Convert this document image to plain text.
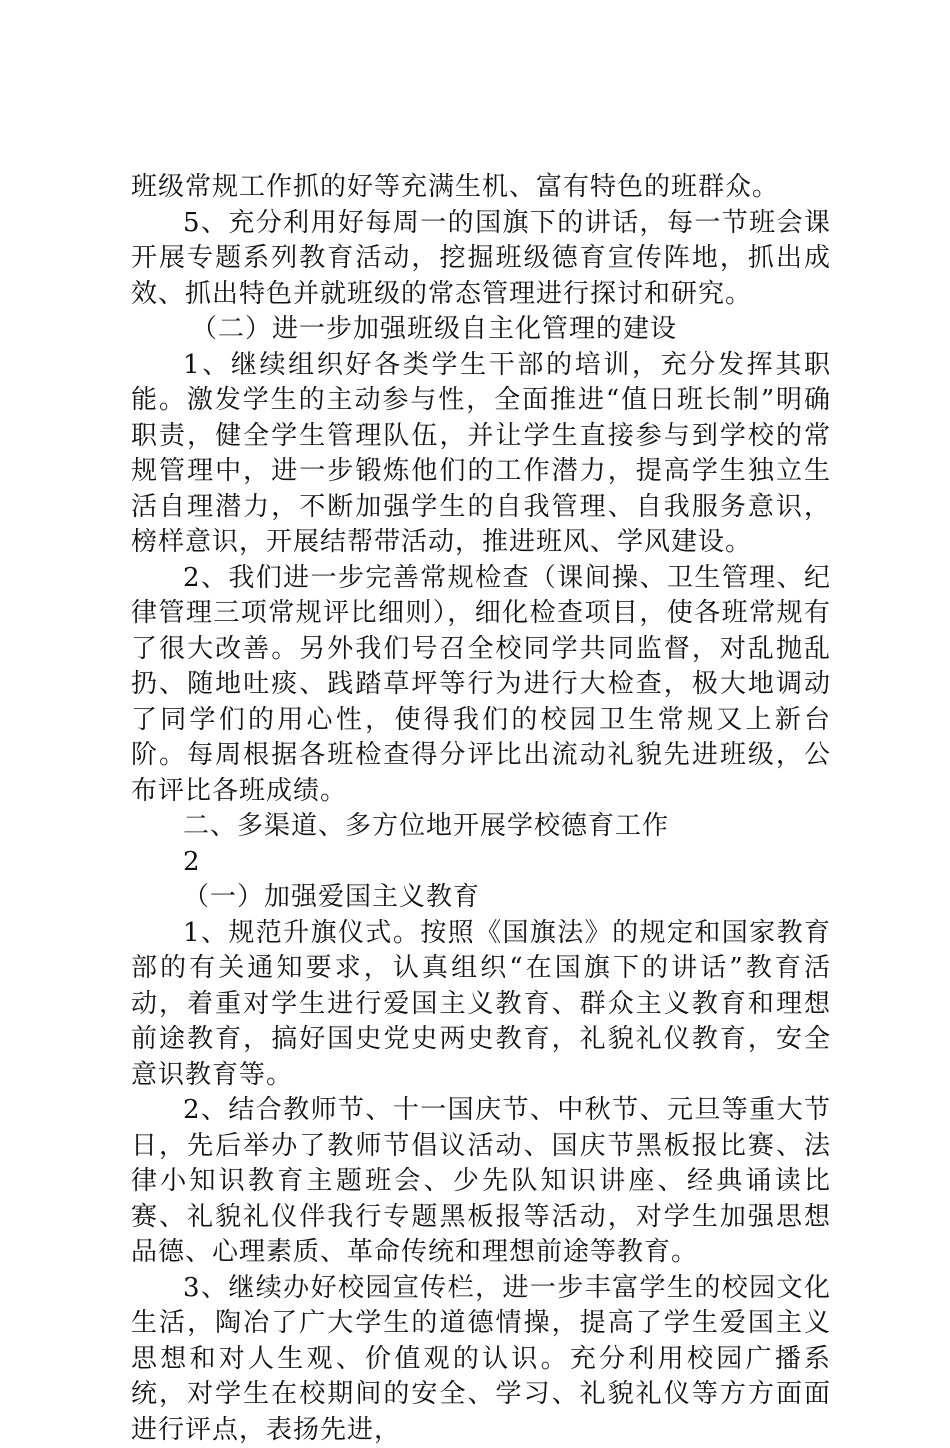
班级常规工作抓的好等充满生机、富有特色的班群众。

5、充分利用好每周一的国旗下的讲话，每一节班会课开展专题系列教育活动，挖掘班级德育宣传阵地，抓出成效、抓出特色并就班级的常态管理进行探讨和研究。

（二）进一步加强班级自主化管理的建设

1、继续组织好各类学生干部的培训，充分发挥其职能。激发学生的主动参与性，全面推进“值日班长制”明确职责，健全学生管理队伍，并让学生直接参与到学校的常规管理中，进一步锻炼他们的工作潜力，提高学生独立生活自理潜力，不断加强学生的自我管理、自我服务意识，榜样意识，开展结帮带活动，推进班风、学风建设。

2、我们进一步完善常规检查（课间操、卫生管理、纪律管理三项常规评比细则），细化检查项目，使各班常规有了很大改善。另外我们号召全校同学共同监督，对乱抛乱扔、随地吐痰、践踏草坪等行为进行大检查，极大地调动了同学们的用心性，使得我们的校园卫生常规又上新台阶。每周根据各班检查得分评比出流动礼貌先进班级，公布评比各班成绩。

二、多渠道、多方位地开展学校德育工作

2

（一）加强爱国主义教育

1、规范升旗仪式。按照《国旗法》的规定和国家教育部的有关通知要求，认真组织“在国旗下的讲话”教育活动，着重对学生进行爱国主义教育、群众主义教育和理想前途教育，搞好国史党史两史教育，礼貌礼仪教育，安全意识教育等。

2、结合教师节、十一国庆节、中秋节、元旦等重大节日，先后举办了教师节倡议活动、国庆节黑板报比赛、法律小知识教育主题班会、少先队知识讲座、经典诵读比赛、礼貌礼仪伴我行专题黑板报等活动，对学生加强思想品德、心理素质、革命传统和理想前途等教育。

3、继续办好校园宣传栏，进一步丰富学生的校园文化生活，陶冶了广大学生的道德情操，提高了学生爱国主义思想和对人生观、价值观的认识。充分利用校园广播系统，对学生在校期间的安全、学习、礼貌礼仪等方方面面进行评点，表扬先进，
